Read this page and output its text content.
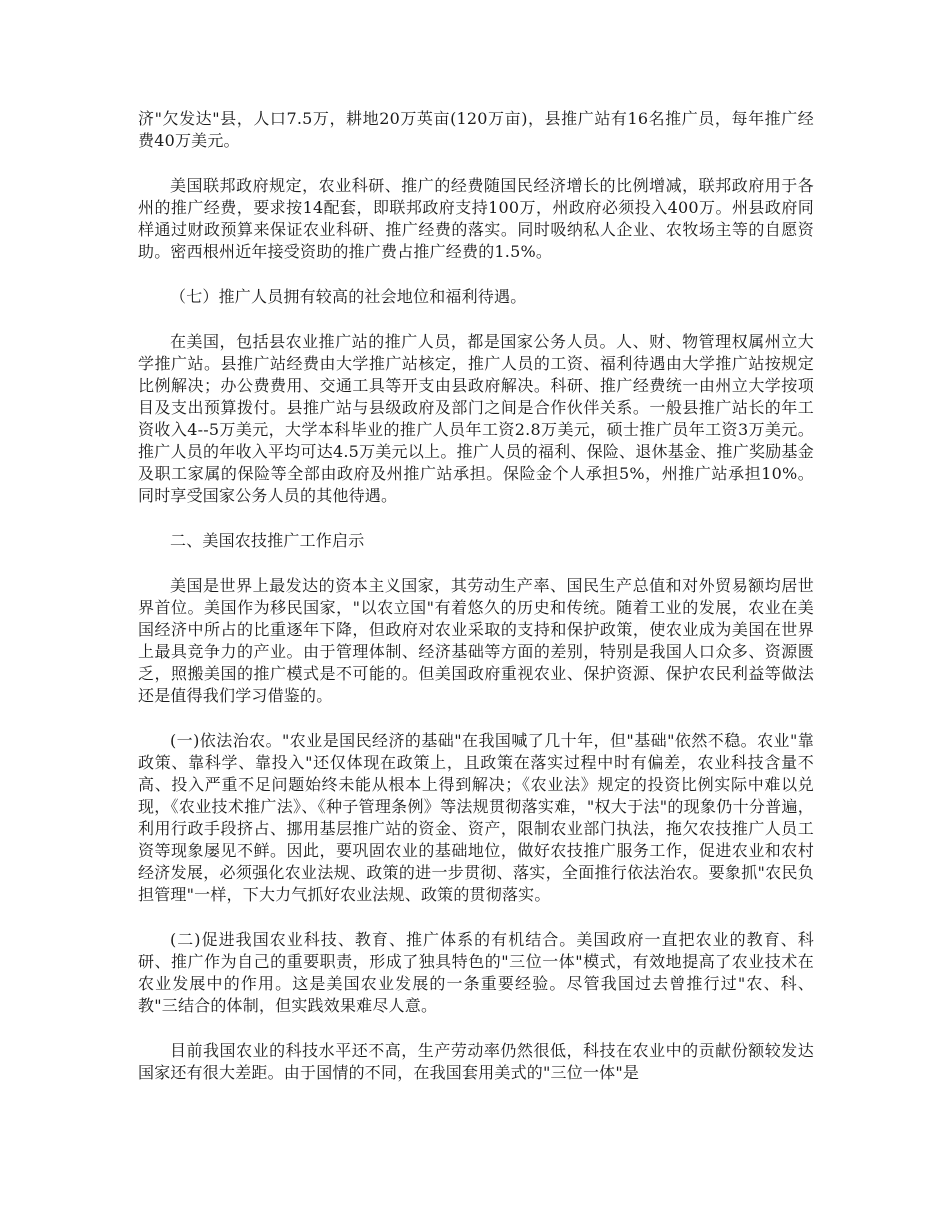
济"欠发达"县，人口7.5万，耕地20万英亩(120万亩)，县推广站有16名推广员，每年推广经费40万美元。

美国联邦政府规定，农业科研、推广的经费随国民经济增长的比例增减，联邦政府用于各州的推广经费，要求按14配套，即联邦政府支持100万，州政府必须投入400万。州县政府同样通过财政预算来保证农业科研、推广经费的落实。同时吸纳私人企业、农牧场主等的自愿资助。密西根州近年接受资助的推广费占推广经费的1.5%。

（七）推广人员拥有较高的社会地位和福利待遇。

在美国，包括县农业推广站的推广人员，都是国家公务人员。人、财、物管理权属州立大学推广站。县推广站经费由大学推广站核定，推广人员的工资、福利待遇由大学推广站按规定比例解决；办公费费用、交通工具等开支由县政府解决。科研、推广经费统一由州立大学按项目及支出预算拨付。县推广站与县级政府及部门之间是合作伙伴关系。一般县推广站长的年工资收入4--5万美元，大学本科毕业的推广人员年工资2.8万美元，硕士推广员年工资3万美元。推广人员的年收入平均可达4.5万美元以上。推广人员的福利、保险、退休基金、推广奖励基金及职工家属的保险等全部由政府及州推广站承担。保险金个人承担5%，州推广站承担10%。同时享受国家公务人员的其他待遇。

二、美国农技推广工作启示

美国是世界上最发达的资本主义国家，其劳动生产率、国民生产总值和对外贸易额均居世界首位。美国作为移民国家，"以农立国"有着悠久的历史和传统。随着工业的发展，农业在美国经济中所占的比重逐年下降，但政府对农业采取的支持和保护政策，使农业成为美国在世界上最具竞争力的产业。由于管理体制、经济基础等方面的差别，特别是我国人口众多、资源匮乏，照搬美国的推广模式是不可能的。但美国政府重视农业、保护资源、保护农民利益等做法还是值得我们学习借鉴的。

(一)依法治农。"农业是国民经济的基础"在我国喊了几十年，但"基础"依然不稳。农业"靠政策、靠科学、靠投入"还仅体现在政策上，且政策在落实过程中时有偏差，农业科技含量不高、投入严重不足问题始终未能从根本上得到解决；《农业法》规定的投资比例实际中难以兑现，《农业技术推广法》、《种子管理条例》等法规贯彻落实难，"权大于法"的现象仍十分普遍，利用行政手段挤占、挪用基层推广站的资金、资产，限制农业部门执法，拖欠农技推广人员工资等现象屡见不鲜。因此，要巩固农业的基础地位，做好农技推广服务工作，促进农业和农村经济发展，必须强化农业法规、政策的进一步贯彻、落实，全面推行依法治农。要象抓"农民负担管理"一样，下大力气抓好农业法规、政策的贯彻落实。

(二)促进我国农业科技、教育、推广体系的有机结合。美国政府一直把农业的教育、科研、推广作为自己的重要职责，形成了独具特色的"三位一体"模式，有效地提高了农业技术在农业发展中的作用。这是美国农业发展的一条重要经验。尽管我国过去曾推行过"农、科、教"三结合的体制，但实践效果难尽人意。

目前我国农业的科技水平还不高，生产劳动率仍然很低，科技在农业中的贡献份额较发达国家还有很大差距。由于国情的不同，在我国套用美式的"三位一体"是
